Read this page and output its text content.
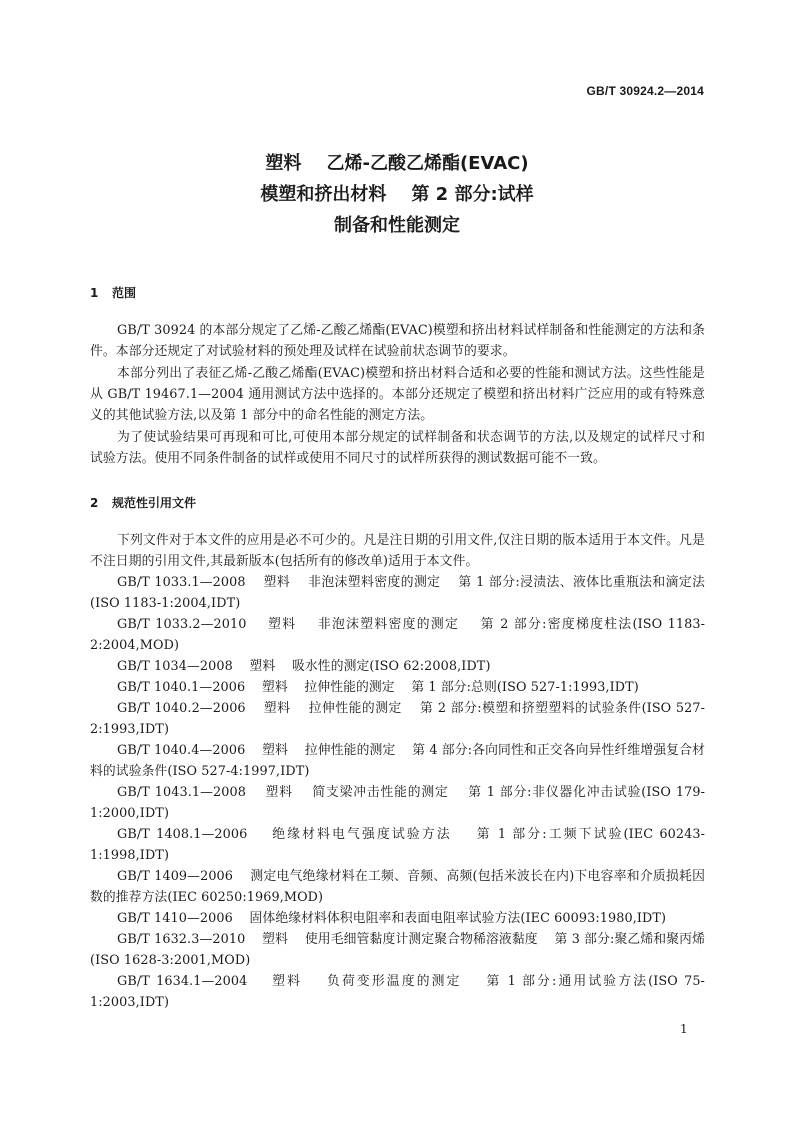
GB/T 30924.2—2014
塑料    乙烯-乙酸乙烯酯(EVAC)
模塑和挤出材料    第 2 部分:试样
制备和性能测定
1 范围
GB/T 30924 的本部分规定了乙烯-乙酸乙烯酯(EVAC)模塑和挤出材料试样制备和性能测定的方法和条件。本部分还规定了对试验材料的预处理及试样在试验前状态调节的要求。
本部分列出了表征乙烯-乙酸乙烯酯(EVAC)模塑和挤出材料合适和必要的性能和测试方法。这些性能是从 GB/T 19467.1—2004 通用测试方法中选择的。本部分还规定了模塑和挤出材料广泛应用的或有特殊意义的其他试验方法,以及第 1 部分中的命名性能的测定方法。
为了使试验结果可再现和可比,可使用本部分规定的试样制备和状态调节的方法,以及规定的试样尺寸和试验方法。使用不同条件制备的试样或使用不同尺寸的试样所获得的测试数据可能不一致。
2 规范性引用文件
下列文件对于本文件的应用是必不可少的。凡是注日期的引用文件,仅注日期的版本适用于本文件。凡是不注日期的引用文件,其最新版本(包括所有的修改单)适用于本文件。
GB/T 1033.1—2008    塑料    非泡沫塑料密度的测定    第 1 部分:浸渍法、液体比重瓶法和滴定法(ISO 1183-1:2004,IDT)
GB/T 1033.2—2010    塑料    非泡沫塑料密度的测定    第 2 部分:密度梯度柱法(ISO 1183-2:2004,MOD)
GB/T 1034—2008    塑料    吸水性的测定(ISO 62:2008,IDT)
GB/T 1040.1—2006    塑料    拉伸性能的测定    第 1 部分:总则(ISO 527-1:1993,IDT)
GB/T 1040.2—2006    塑料    拉伸性能的测定    第 2 部分:模塑和挤塑塑料的试验条件(ISO 527-2:1993,IDT)
GB/T 1040.4—2006    塑料    拉伸性能的测定    第 4 部分:各向同性和正交各向异性纤维增强复合材料的试验条件(ISO 527-4:1997,IDT)
GB/T 1043.1—2008    塑料    简支梁冲击性能的测定    第 1 部分:非仪器化冲击试验(ISO 179-1:2000,IDT)
GB/T 1408.1—2006    绝缘材料电气强度试验方法    第 1 部分:工频下试验(IEC 60243-1:1998,IDT)
GB/T 1409—2006    测定电气绝缘材料在工频、音频、高频(包括米波长在内)下电容率和介质损耗因数的推荐方法(IEC 60250:1969,MOD)
GB/T 1410—2006    固体绝缘材料体积电阻率和表面电阻率试验方法(IEC 60093:1980,IDT)
GB/T 1632.3—2010    塑料    使用毛细管黏度计测定聚合物稀溶液黏度    第 3 部分:聚乙烯和聚丙烯(ISO 1628-3:2001,MOD)
GB/T 1634.1—2004    塑料    负荷变形温度的测定    第 1 部分:通用试验方法(ISO 75-1:2003,IDT)
1
